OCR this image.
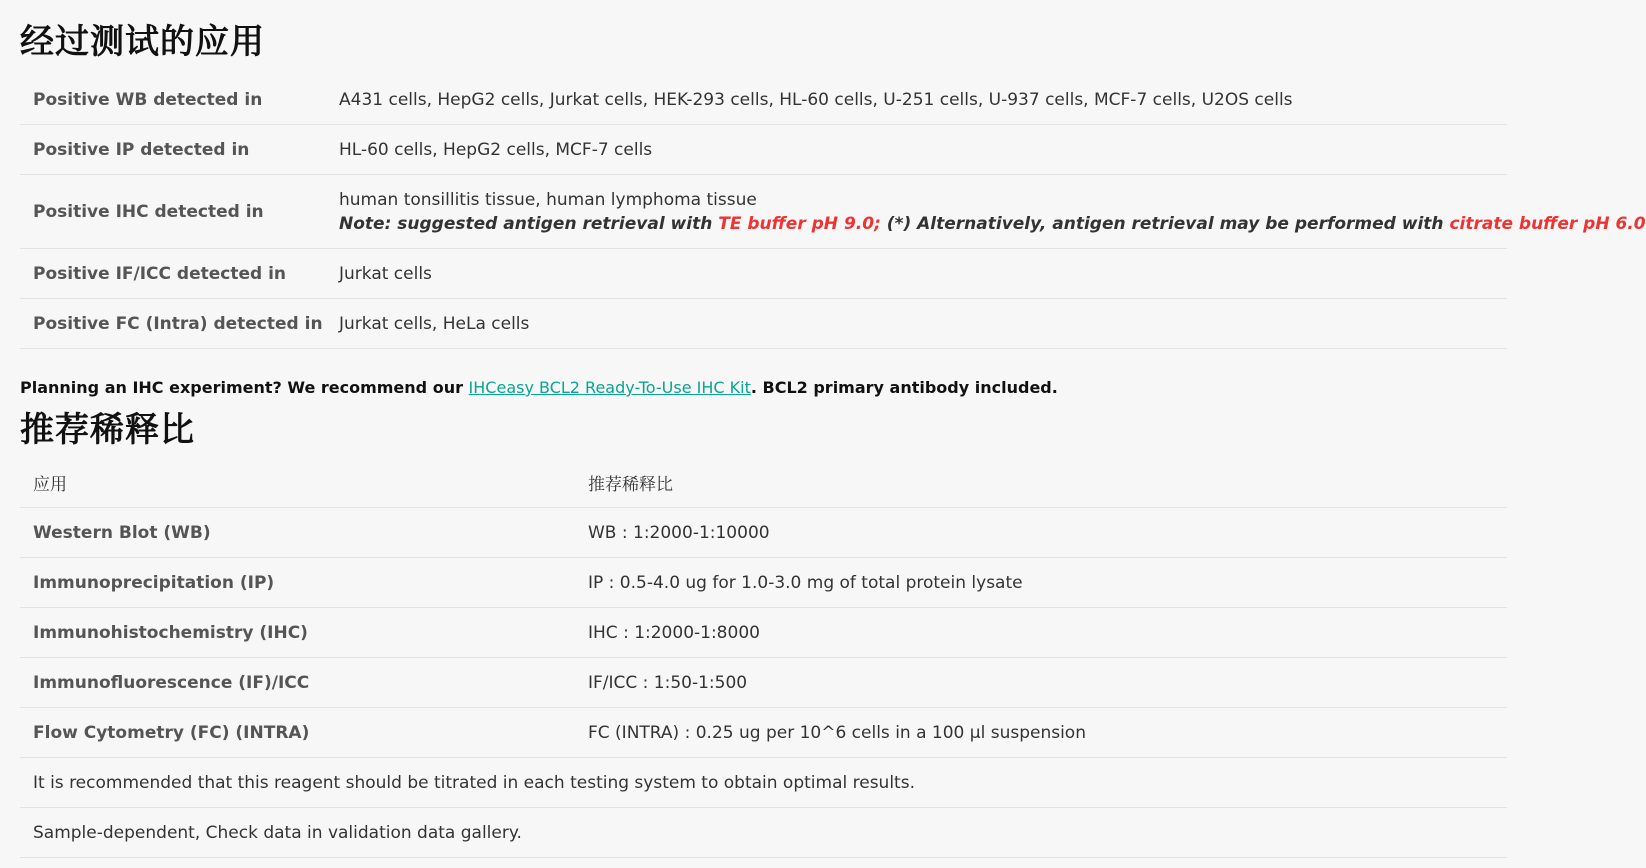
经过测试的应用
Positive WB detected in	A431 cells, HepG2 cells, Jurkat cells, HEK-293 cells, HL-60 cells, U-251 cells, U-937 cells, MCF-7 cells, U2OS cells
Positive IP detected in	HL-60 cells, HepG2 cells, MCF-7 cells
Positive IHC detected in	human tonsillitis tissue, human lymphoma tissue
Note: suggested antigen retrieval with TE buffer pH 9.0; (*) Alternatively, antigen retrieval may be performed with citrate buffer pH 6.0

Positive IF/ICC detected in	Jurkat cells
Positive FC (Intra) detected in	Jurkat cells, HeLa cells
Planning an IHC experiment? We recommend our IHCeasy BCL2 Ready-To-Use IHC Kit. BCL2 primary antibody included.
推荐稀释比
应用	推荐稀释比
Western Blot (WB)	WB : 1:2000-1:10000
Immunoprecipitation (IP)	IP : 0.5-4.0 ug for 1.0-3.0 mg of total protein lysate
Immunohistochemistry (IHC)	IHC : 1:2000-1:8000
Immunofluorescence (IF)/ICC	IF/ICC : 1:50-1:500
Flow Cytometry (FC) (INTRA)	FC (INTRA) : 0.25 ug per 10^6 cells in a 100 µl suspension
It is recommended that this reagent should be titrated in each testing system to obtain optimal results.	
Sample-dependent, Check data in validation data gallery.	
